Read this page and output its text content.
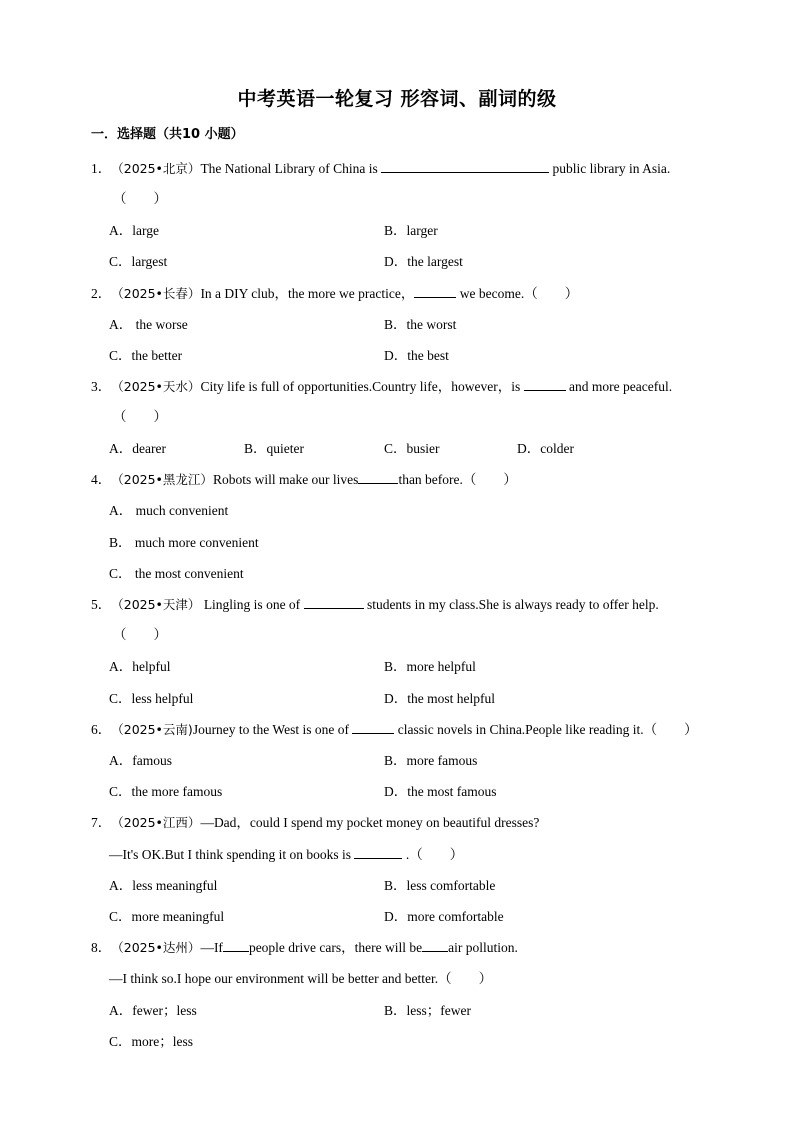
中考英语一轮复习 形容词、副词的级
一．选择题（共10 小题）
1．（2025•北京）The National Library of China is	public library in Asia.
（　　）
A．large	B．larger
C．largest	D．the largest
2．（2025•长春）In a DIY club，the more we practice，	we become.（　　）
A． the worse	B．the worst
C．the better	D．the best
3．（2025•天水）City life is full of opportunities.Country life，however，is	and more peaceful.
（　　）
A．dearer	B．quieter	C．busier	D．colder
4．（2025•黑龙江）Robots will make our lives	than before.（　　）
A． much convenient
B． much more convenient
C． the most convenient
5．（2025•天津） Lingling is one of	students in my class.She is always ready to offer help.
（　　）
A．helpful	B．more helpful
C．less helpful	D．the most helpful
6．（2025•云南)Journey to the West is one of	classic novels in China.People like reading it.（　　）
A．famous	B．more famous
C．the more famous	D．the most famous
7．（2025•江西）—Dad，could I spend my pocket money on beautiful dresses?
—It's OK.But I think spending it on books is	.（　　）
A．less meaningful	B．less comfortable
C．more meaningful	D．more comfortable
8．（2025•达州）—If people drive cars，there will be air pollution.
—I think so.I hope our environment will be better and better.（　　）
A．fewer；less	B．less；fewer
C．more；less
